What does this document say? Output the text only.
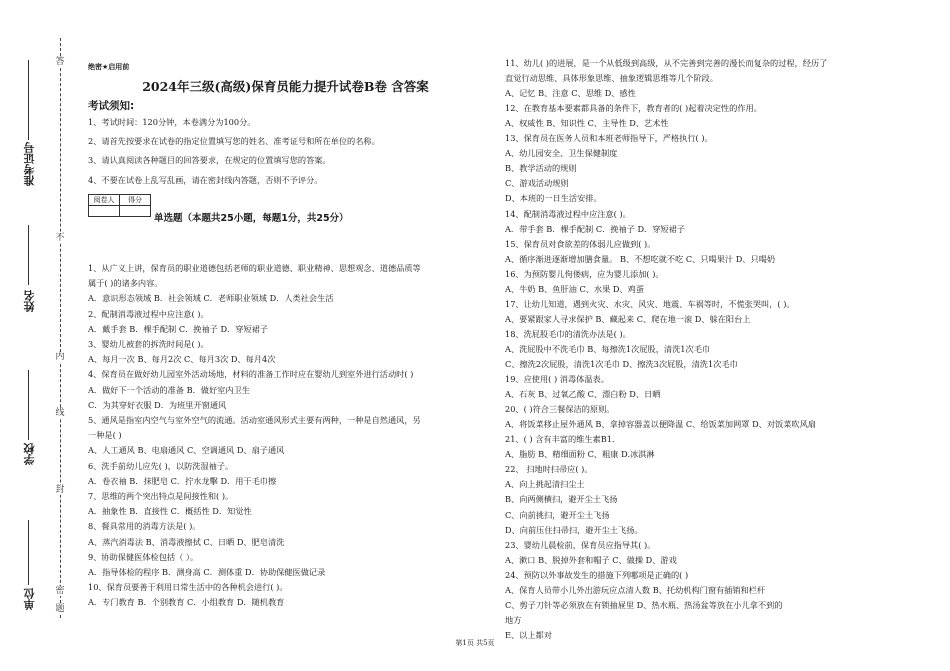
答
不
内
线
封
密
题
准考证号
姓名
学校
单位
绝密★启用前
2024年三级(高级)保育员能力提升试卷B卷 含答案
考试须知:
1、考试时间：120分钟，本卷满分为100分。
2、请首先按要求在试卷的指定位置填写您的姓名、准考证号和所在单位的名称。
3、请认真阅读各种题目的回答要求，在规定的位置填写您的答案。
4、不要在试卷上乱写乱画，请在密封线内答题，否则不予评分。
阅卷人	得分

单选题（本题共25小题，每题1分，共25分）
1、从广义上讲，保育员的职业道德包括老师的职业道德、职业精神、思想观念、道德品质等
属于( )的诸多内容。
A．意识形态领域 B．社会领域 C．老师职业领域 D．人类社会生活
2、配制消毒液过程中应注意( )。
A．戴手套 B．棵手配制 C．挽袖子 D．穿短裙子
3、婴幼儿被套的拆洗时间是( )。
A、每月一次 B、每月2次 C、每月3次 D、每月4次
4、保育员在做好幼儿园室外活动场地，材料的准备工作时应在婴幼儿到室外进行活动时( )
A．做好下一个活动的准备 B．做好室内卫生
C．为其穿好衣服 D．为班里开窗通风
5、通风是指室内空气与室外空气的流通。活动室通风形式主要有两种，一种是自然通风，另
一种是( )
A、人工通风 B、电扇通风 C、空调通风 D、扇子通风
6、洗手前幼儿应先( )，以防洗湿袖子。
A．卷衣袖 B．抹肥皂 C．拧水龙擊 D．用干毛巾擦
7、思维的两个突出特点是间接性和( )。
A．抽象性 B．直接性 C．概括性 D．知觉性
8、餐具常用的消毒方法是( )。
A、蒸汽消毒法 B、消毒液擦拭 C、日晒 D、肥皂清洗
9、协助保健医体检包括（ ）。
A．指导体检的程序 B．测身高 C．测体重 D．协助保健医做记录
10、保育员要善于利用日常生活中的各种机会进行( )。
A．专门教育 B．个别教育 C．小组教育 D．随机教育
11、幼儿( )的进展，是一个从低级到高级，从不完善到完善的漫长而复杂的过程，经历了
直觉行动思维、具体形象思维、抽象逻辑思维等几个阶段。
A、记忆 B、注意 C、思维 D、感性
12、在教育基本要素都具备的条件下，教育者的( )起着决定性的作用。
A、权威性 B、知识性 C、主导性 D、艺术性
13、保育员在医务人员和本班老师指导下，严格执行( )。
A、幼儿园安全、卫生保健制度
B、教学活动的规则
C、游戏活动规则
D、本班的一日生活安排。
14、配制消毒液过程中应注意( )。
A．带手套 B．棵手配制 C．挽袖子 D．穿短裙子
15、保育员对食欲差的体弱儿应做到( )。
A、循序渐进逐渐增加膳食量。 B、不想吃就不吃 C、只喝果汁 D、只喝奶
16、为预防婴儿佝偻病，应为婴儿添加( )。
A、牛奶 B、鱼肝油 C、水果 D、鸡蛋
17、让幼儿知道，遇到火灾、水灾、风灾、地震、车祸等时，不慌张哭叫，( )。
A、要紧跟家人寻求保护 B、藏起来 C、爬在地一滚 D、躲在阳台上
18、洗屁股毛巾的清洗办法是( )。
A、洗屁股中不洗毛巾 B、每擦洗1次屁股，清洗1次毛巾
C、擦洗2次屁股，清洗1次毛巾 D、擦洗3次屁股，清洗1次毛巾
19、应使用( ) 消毒体温表。
A、石灰 B、过氧乙酸 C、漂白粉 D、日晒
20、( )符合三餐保洁的原则。
A、将饭菜移止屋外通风 B、拿掉容器盖以便降温 C、给饭菜加网罩 D、对饭菜吹风扇
21、( ) 含有丰富的维生素B1.
A、脂肪 B、精细面粉 C、粗康 D.冰淇淋
22、 扫地时扫帚应( )。
A、向上挑起清扫尘土
B、向两侧横扫，避开尘土飞扬
C、向前挑扫，避开尘土飞扬
D、向前压住扫帚扫，避开尘土飞扬。
23、婴幼儿晨检前，保育员应指导其( )。
A、漱口 B、脱掉外套和帽子 C、做操 D、游戏
24、预防以外事故发生的措施下列哪项是正确的( )
A、保育人员带小儿外出游玩应点清人数 B、托幼机构门窗有插销和栏杆
C、剪子刀针等必须放在有锁抽屉里 D、热水瓶、热汤盆等放在小儿拿不到的
地方
E、以上都对
第1页 共5页
